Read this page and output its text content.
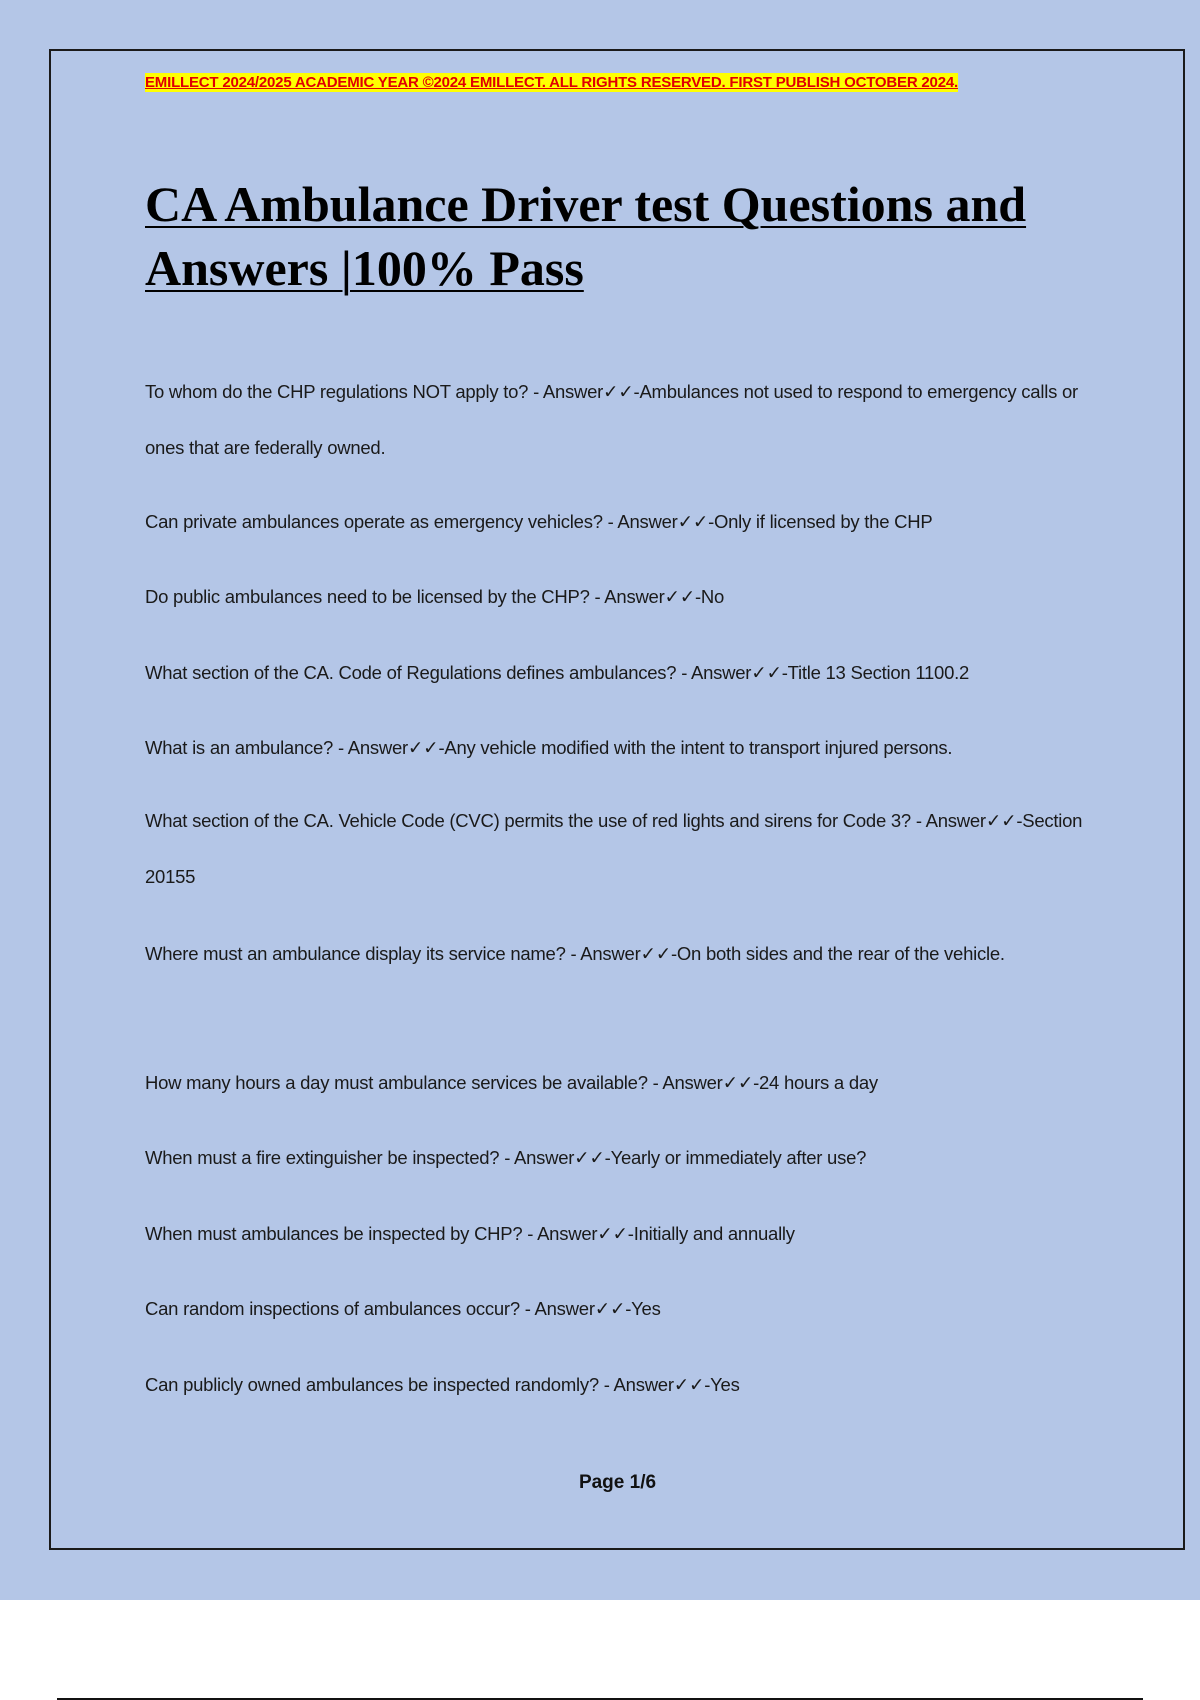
EMILLECT 2024/2025 ACADEMIC YEAR ©2024 EMILLECT. ALL RIGHTS RESERVED. FIRST PUBLISH OCTOBER 2024.
CA Ambulance Driver test Questions and Answers |100% Pass
To whom do the CHP regulations NOT apply to? - Answer✓✓-Ambulances not used to respond to emergency calls or ones that are federally owned.
Can private ambulances operate as emergency vehicles? - Answer✓✓-Only if licensed by the CHP
Do public ambulances need to be licensed by the CHP? - Answer✓✓-No
What section of the CA. Code of Regulations defines ambulances? - Answer✓✓-Title 13 Section 1100.2
What is an ambulance? - Answer✓✓-Any vehicle modified with the intent to transport injured persons.
What section of the CA. Vehicle Code (CVC) permits the use of red lights and sirens for Code 3? - Answer✓✓-Section 20155
Where must an ambulance display its service name? - Answer✓✓-On both sides and the rear of the vehicle.
How many hours a day must ambulance services be available? - Answer✓✓-24 hours a day
When must a fire extinguisher be inspected? - Answer✓✓-Yearly or immediately after use?
When must ambulances be inspected by CHP? - Answer✓✓-Initially and annually
Can random inspections of ambulances occur? - Answer✓✓-Yes
Can publicly owned ambulances be inspected randomly? - Answer✓✓-Yes
Page 1/6
